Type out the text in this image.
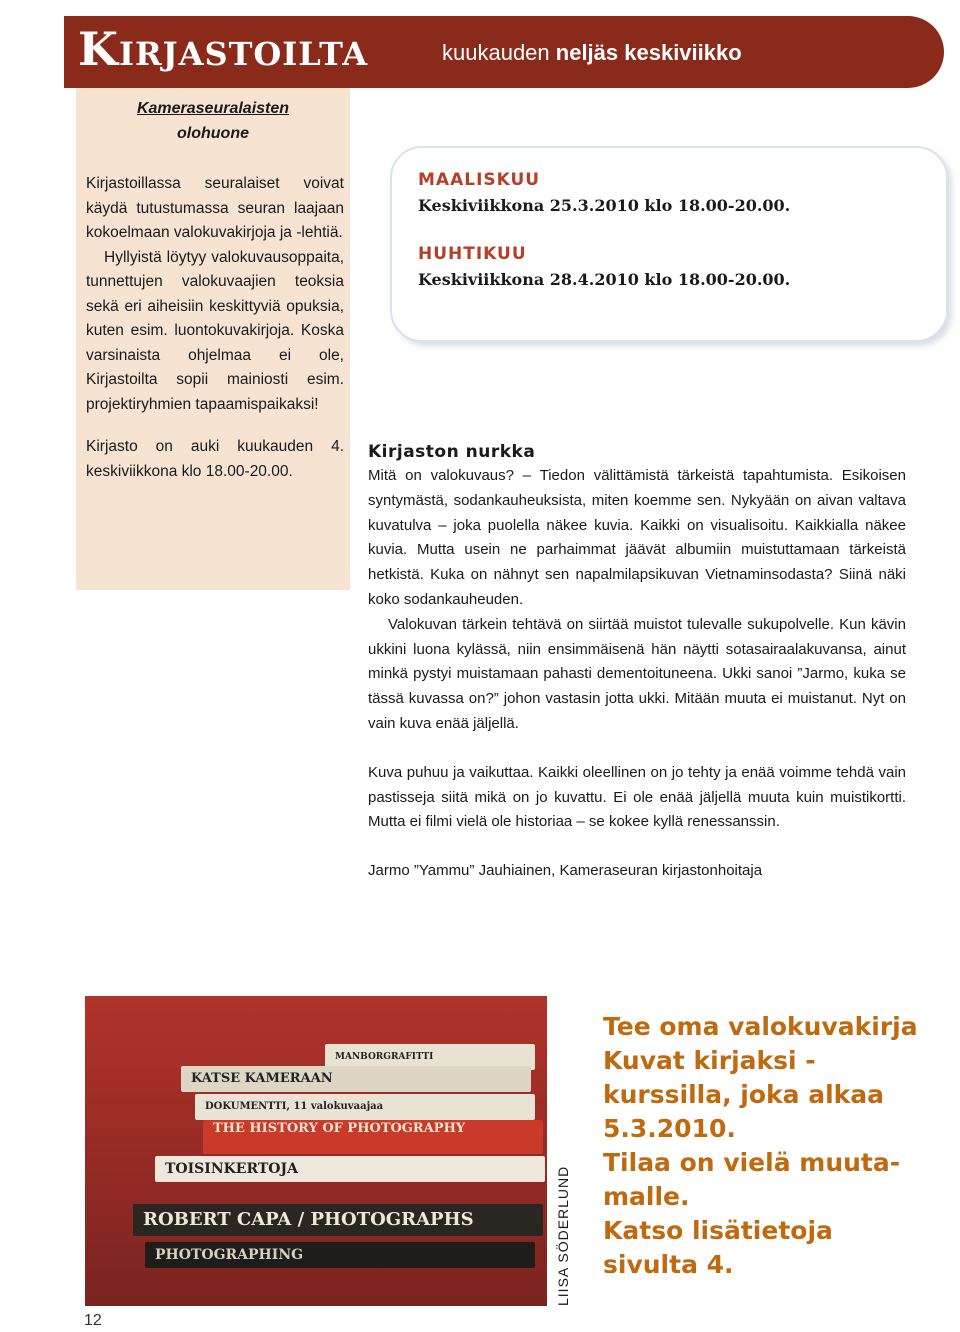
Kirjastoilta	kuukauden neljäs keskiviikko
Kameraseuralaisten
olohuone

Kirjastoillassa seuralaiset voivat käydä tutustumassa seuran laajaan kokoelmaan valokuvakirjoja ja -lehtiä.

Hyllyistä löytyy valokuvausoppaita, tunnettujen valokuvaajien teoksia sekä eri aiheisiin keskittyviä opuksia, kuten esim. luontokuvakirjoja. Koska varsinaista ohjelmaa ei ole, Kirjastoilta sopii mainiosti esim. projektiryhmien tapaamispaikaksi!

Kirjasto on auki kuukauden 4. keskiviikkona klo 18.00-20.00.

MAALISKUU
Keskiviikkona 25.3.2010 klo 18.00-20.00.
HUHTIKUU
Keskiviikkona 28.4.2010 klo 18.00-20.00.
Kirjaston nurkka

Mitä on valokuvaus? – Tiedon välittämistä tärkeistä tapahtumista. Esikoisen syntymästä, sodankauheuksista, miten koemme sen. Nykyään on aivan valtava kuvatulva – joka puolella näkee kuvia. Kaikki on visualisoitu. Kaikkialla näkee kuvia. Mutta usein ne parhaimmat jäävät albumiin muistuttamaan tärkeistä hetkistä. Kuka on nähnyt sen napalmilapsikuvan Vietnaminsodasta? Siinä näki koko sodankauheuden.

Valokuvan tärkein tehtävä on siirtää muistot tulevalle sukupolvelle. Kun kävin ukkini luona kylässä, niin ensimmäisenä hän näytti sotasairaalakuvansa, ainut minkä pystyi muistamaan pahasti dementoituneena. Ukki sanoi ”Jarmo, kuka se tässä kuvassa on?” johon vastasin jotta ukki. Mitään muuta ei muistanut. Nyt on vain kuva enää jäljellä.

Kuva puhuu ja vaikuttaa. Kaikki oleellinen on jo tehty ja enää voimme tehdä vain pastisseja siitä mikä on jo kuvattu. Ei ole enää jäljellä muuta kuin muistikortti. Mutta ei filmi vielä ole historiaa – se kokee kyllä renessanssin.

Jarmo ”Yammu” Jauhiainen, Kameraseuran kirjastonhoitaja

MANBORGRAFITTI
KATSE KAMERAAN
DOKUMENTTI, 11 valokuvaajaa
THE HISTORY OF PHOTOGRAPHY
TOISINKERTOJA
ROBERT CAPA / PHOTOGRAPHS
PHOTOGRAPHING	LIISA SÖDERLUND
Tee oma valokuvakirja
Kuvat kirjaksi -
kurssilla, joka alkaa
5.3.2010.
Tilaa on vielä muuta-
malle.
Katso lisätietoja
sivulta 4.
12
